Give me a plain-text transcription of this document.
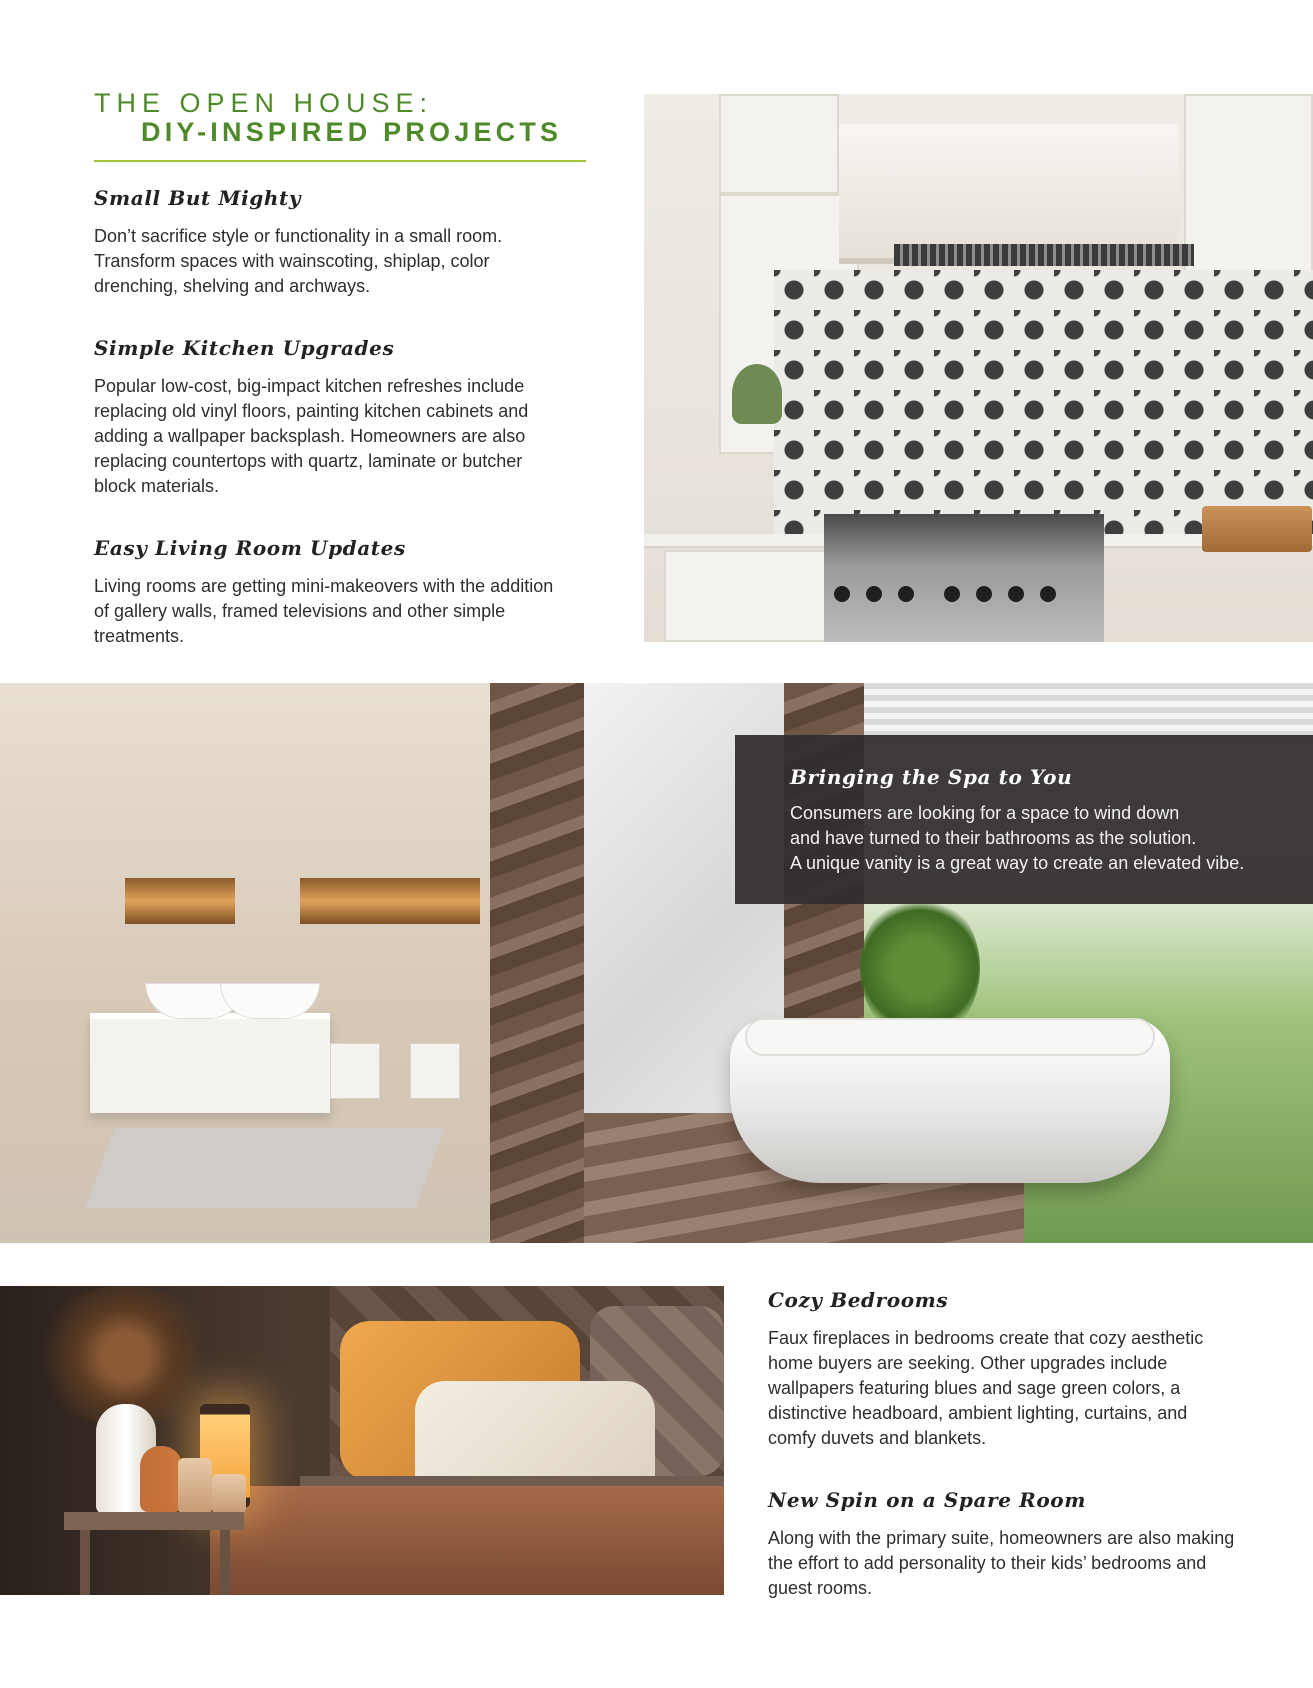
THE OPEN HOUSE:
DIY-INSPIRED PROJECTS
Small But Mighty

Don’t sacrifice style or functionality in a small room. Transform spaces with wainscoting, shiplap, color drenching, shelving and archways.

Simple Kitchen Upgrades

Popular low-cost, big-impact kitchen refreshes include replacing old vinyl floors, painting kitchen cabinets and adding a wallpaper backsplash. Homeowners are also replacing countertops with quartz, laminate or butcher block materials.

Easy Living Room Updates

Living rooms are getting mini-makeovers with the addition of gallery walls, framed televisions and other simple treatments.

Bringing the Spa to You

Consumers are looking for a space to wind down
and have turned to their bathrooms as the solution.
A unique vanity is a great way to create an elevated vibe.

Cozy Bedrooms

Faux fireplaces in bedrooms create that cozy aesthetic home buyers are seeking. Other upgrades include wallpapers featuring blues and sage green colors, a distinctive headboard, ambient lighting, curtains, and comfy duvets and blankets.

New Spin on a Spare Room

Along with the primary suite, homeowners are also making the effort to add personality to their kids’ bedrooms and guest rooms.
